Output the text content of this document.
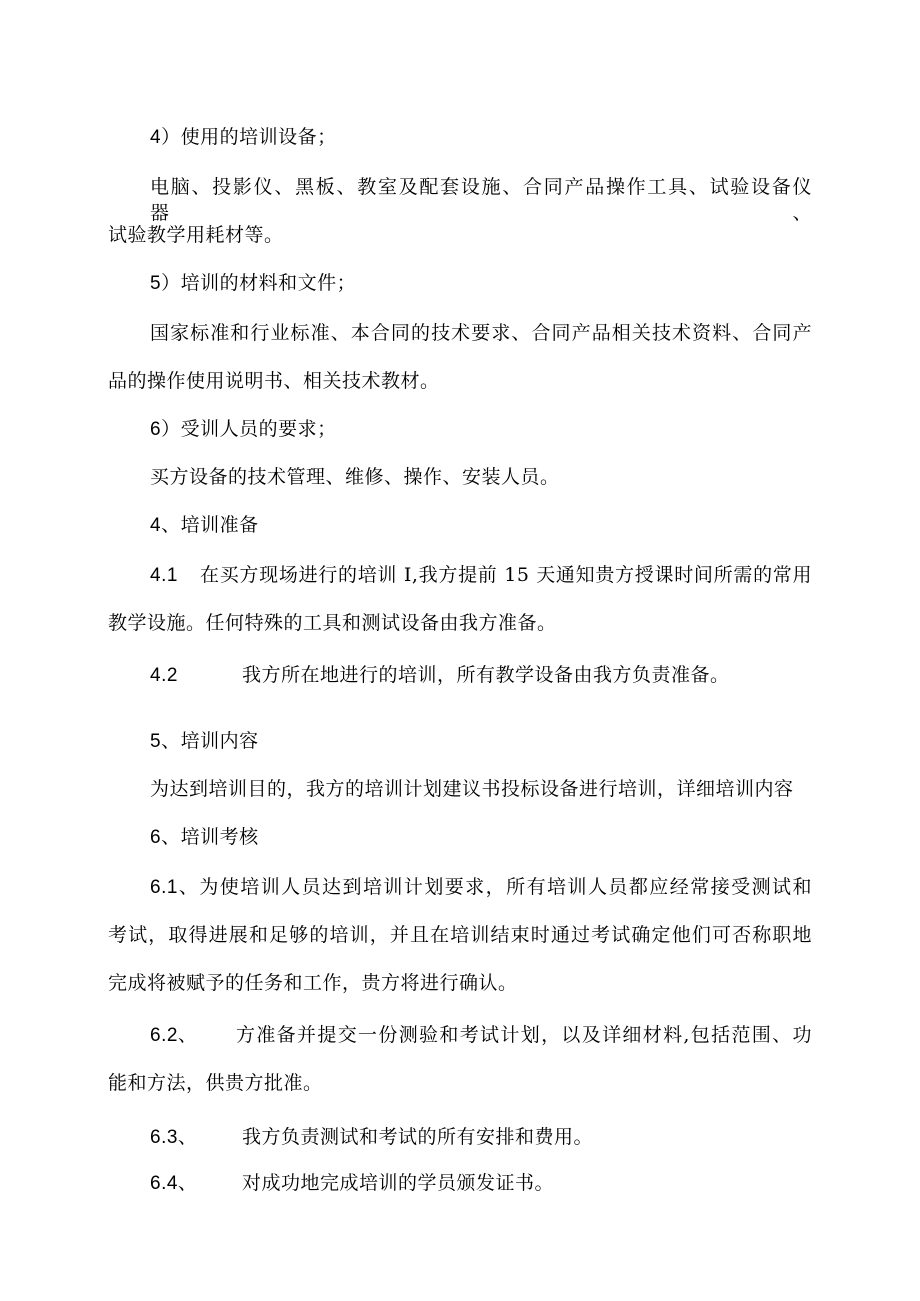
4）使用的培训设备；
电脑、投影仪、黑板、教室及配套设施、合同产品操作工具、试验设备仪器、
试验教学用耗材等。
5）培训的材料和文件；
国家标准和行业标准、本合同的技术要求、合同产品相关技术资料、合同产
品的操作使用说明书、相关技术教材。
6）受训人员的要求；
买方设备的技术管理、维修、操作、安装人员。
4、培训准备
4.1 在买方现场进行的培训 I,我方提前 15 天通知贵方授课时间所需的常用
教学设施。任何特殊的工具和测试设备由我方准备。
4.2	我方所在地进行的培训，所有教学设备由我方负责准备。
5、培训内容
为达到培训目的，我方的培训计划建议书投标设备进行培训，详细培训内容
6、培训考核
6.1、为使培训人员达到培训计划要求，所有培训人员都应经常接受测试和
考试，取得进展和足够的培训，并且在培训结束时通过考试确定他们可否称职地
完成将被赋予的任务和工作，贵方将进行确认。
6.2、 方准备并提交一份测验和考试计划，以及详细材料,包括范围、功
能和方法，供贵方批准。
6.3、 我方负责测试和考试的所有安排和费用。
6.4、 对成功地完成培训的学员颁发证书。
